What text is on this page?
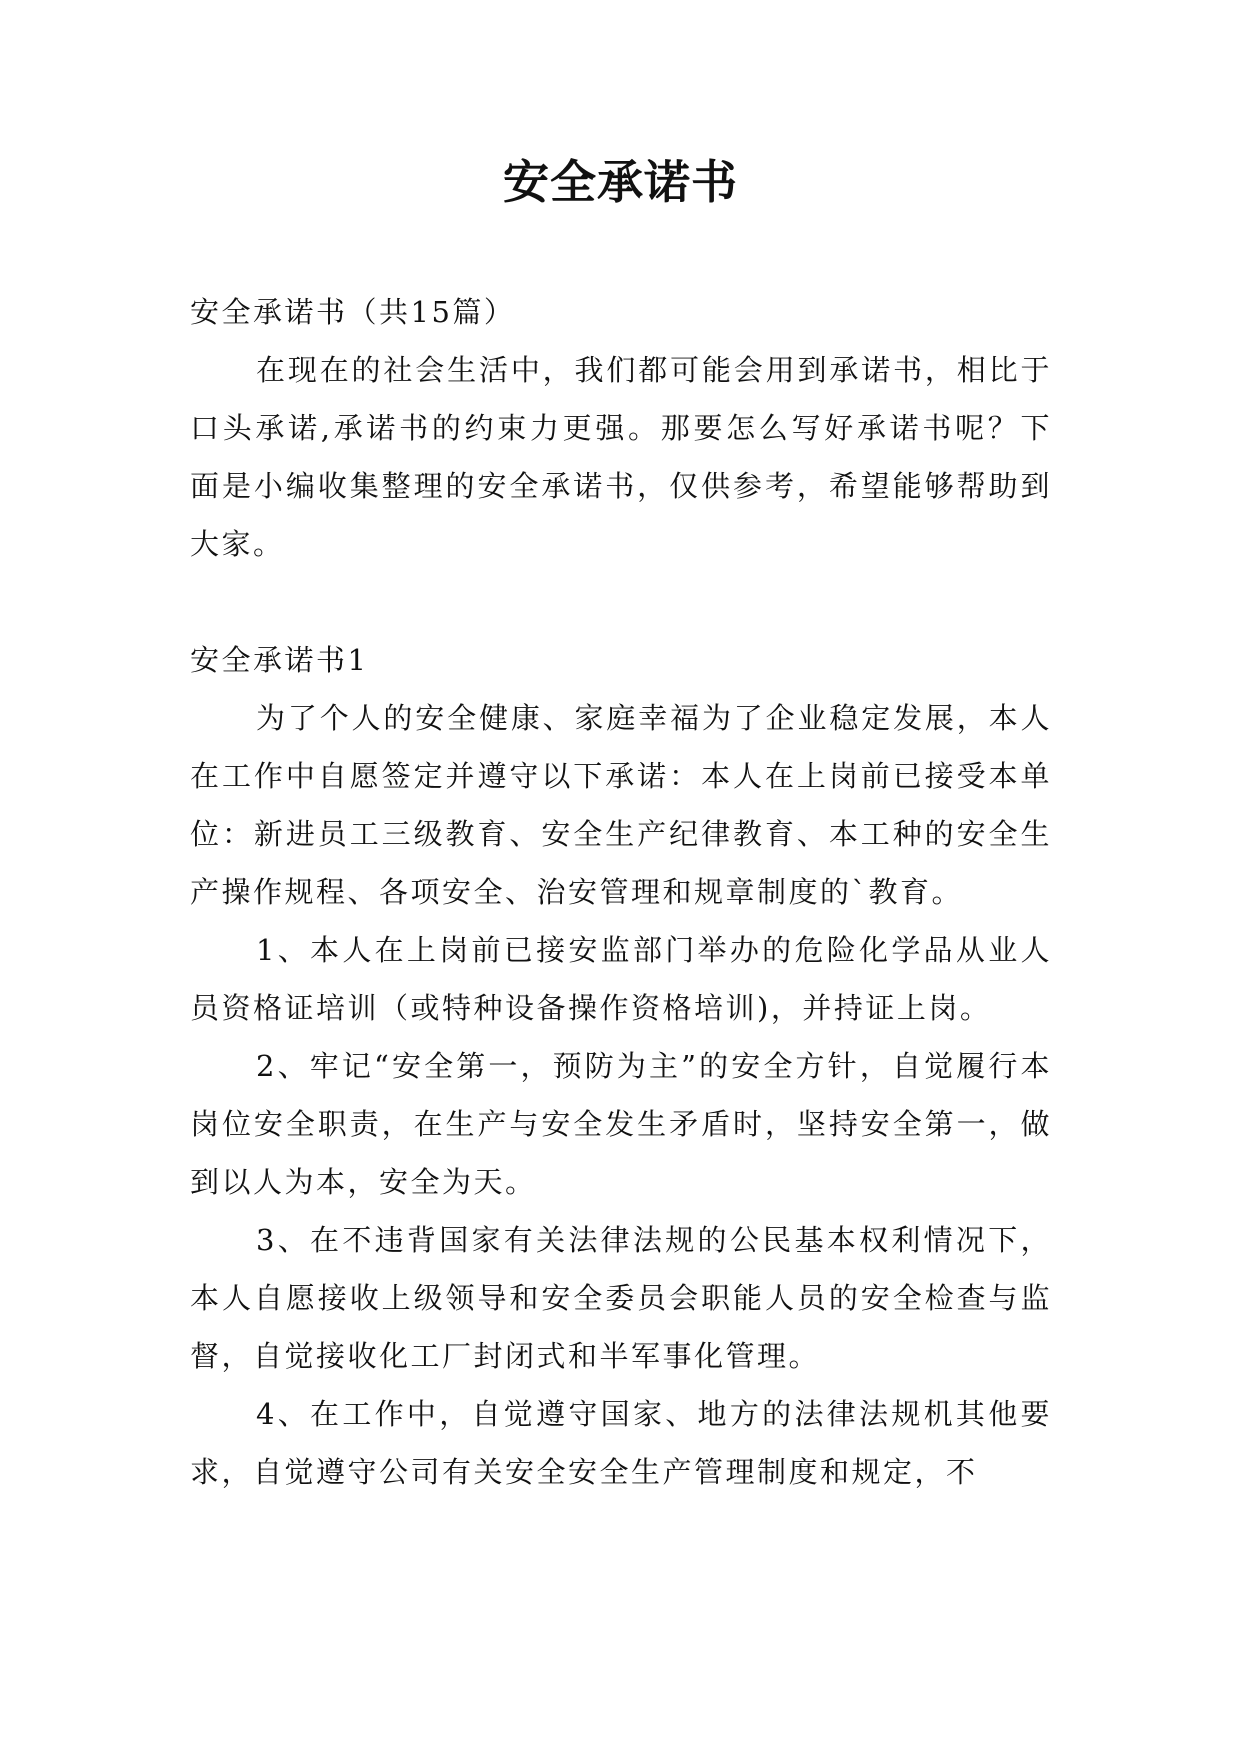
安全承诺书

安全承诺书（共15篇）

在现在的社会生活中，我们都可能会用到承诺书，相比于口头承诺,承诺书的约束力更强。那要怎么写好承诺书呢？下面是小编收集整理的安全承诺书，仅供参考，希望能够帮助到大家。

安全承诺书1

为了个人的安全健康、家庭幸福为了企业稳定发展，本人在工作中自愿签定并遵守以下承诺：本人在上岗前已接受本单位：新进员工三级教育、安全生产纪律教育、本工种的安全生产操作规程、各项安全、治安管理和规章制度的`教育。

1、本人在上岗前已接安监部门举办的危险化学品从业人员资格证培训（或特种设备操作资格培训)，并持证上岗。

2、牢记“安全第一，预防为主”的安全方针，自觉履行本岗位安全职责，在生产与安全发生矛盾时，坚持安全第一，做到以人为本，安全为天。

3、在不违背国家有关法律法规的公民基本权利情况下，本人自愿接收上级领导和安全委员会职能人员的安全检查与监督，自觉接收化工厂封闭式和半军事化管理。

4、在工作中，自觉遵守国家、地方的法律法规机其他要求，自觉遵守公司有关安全安全生产管理制度和规定，不
